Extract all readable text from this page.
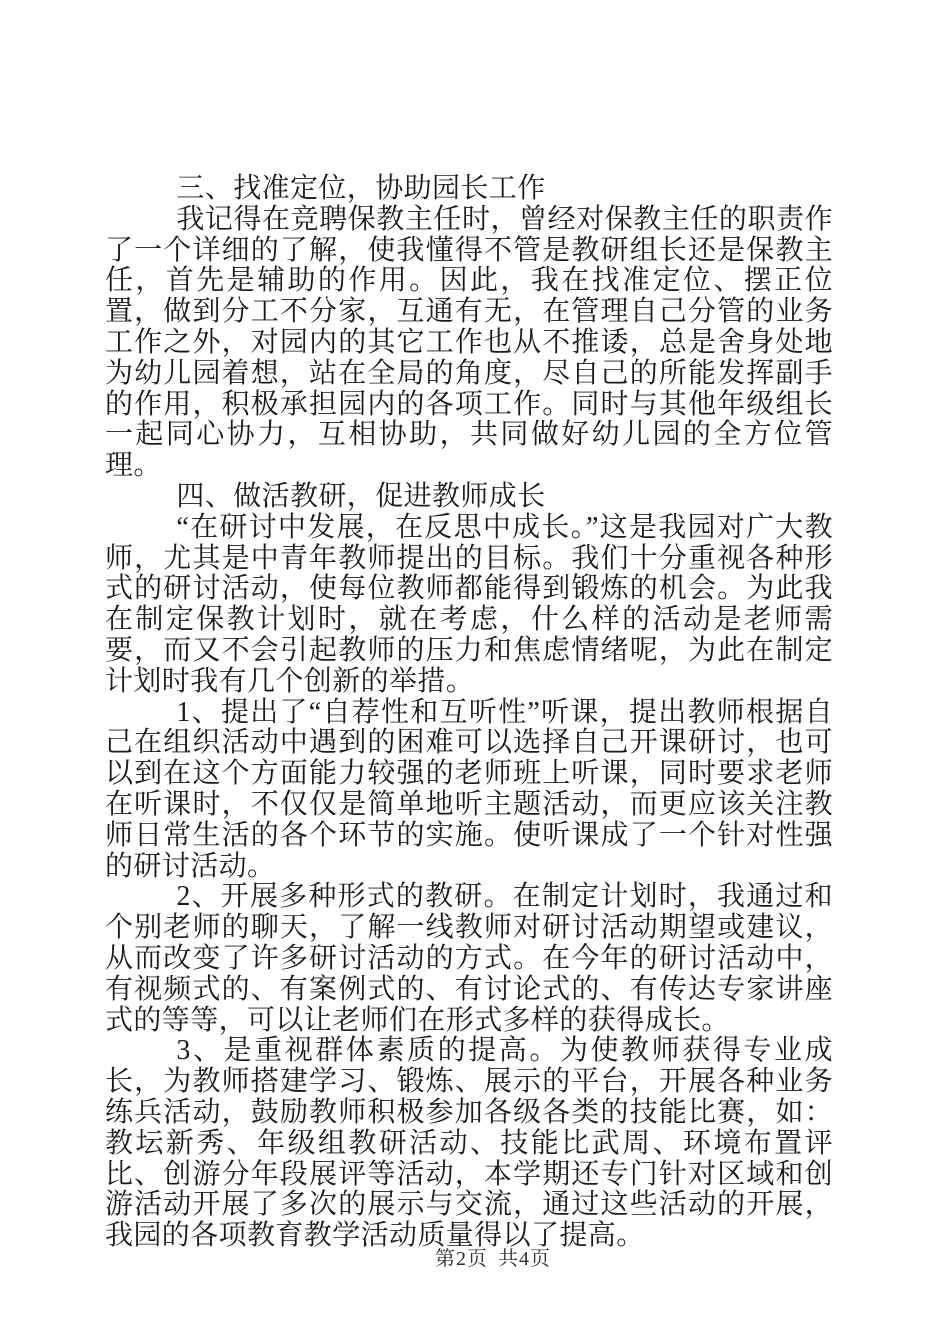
三、找准定位，协助园长工作

我记得在竞聘保教主任时，曾经对保教主任的职责作了一个详细的了解，使我懂得不管是教研组长还是保教主任，首先是辅助的作用。因此，我在找准定位、摆正位置，做到分工不分家，互通有无，在管理自己分管的业务工作之外，对园内的其它工作也从不推诿，总是舍身处地为幼儿园着想，站在全局的角度，尽自己的所能发挥副手的作用，积极承担园内的各项工作。同时与其他年级组长一起同心协力，互相协助，共同做好幼儿园的全方位管理。

四、做活教研，促进教师成长

“在研讨中发展，在反思中成长。”这是我园对广大教师，尤其是中青年教师提出的目标。我们十分重视各种形式的研讨活动，使每位教师都能得到锻炼的机会。为此我在制定保教计划时，就在考虑，什么样的活动是老师需要，而又不会引起教师的压力和焦虑情绪呢，为此在制定计划时我有几个创新的举措。

1、提出了“自荐性和互听性”听课，提出教师根据自己在组织活动中遇到的困难可以选择自己开课研讨，也可以到在这个方面能力较强的老师班上听课，同时要求老师在听课时，不仅仅是简单地听主题活动，而更应该关注教师日常生活的各个环节的实施。使听课成了一个针对性强的研讨活动。

2、开展多种形式的教研。在制定计划时，我通过和个别老师的聊天，了解一线教师对研讨活动期望或建议，从而改变了许多研讨活动的方式。在今年的研讨活动中，有视频式的、有案例式的、有讨论式的、有传达专家讲座式的等等，可以让老师们在形式多样的获得成长。

3、是重视群体素质的提高。为使教师获得专业成长，为教师搭建学习、锻炼、展示的平台，开展各种业务练兵活动，鼓励教师积极参加各级各类的技能比赛，如：教坛新秀、年级组教研活动、技能比武周、环境布置评比、创游分年段展评等活动，本学期还专门针对区域和创游活动开展了多次的展示与交流，通过这些活动的开展，我园的各项教育教学活动质量得以了提高。

第2页 共4页
